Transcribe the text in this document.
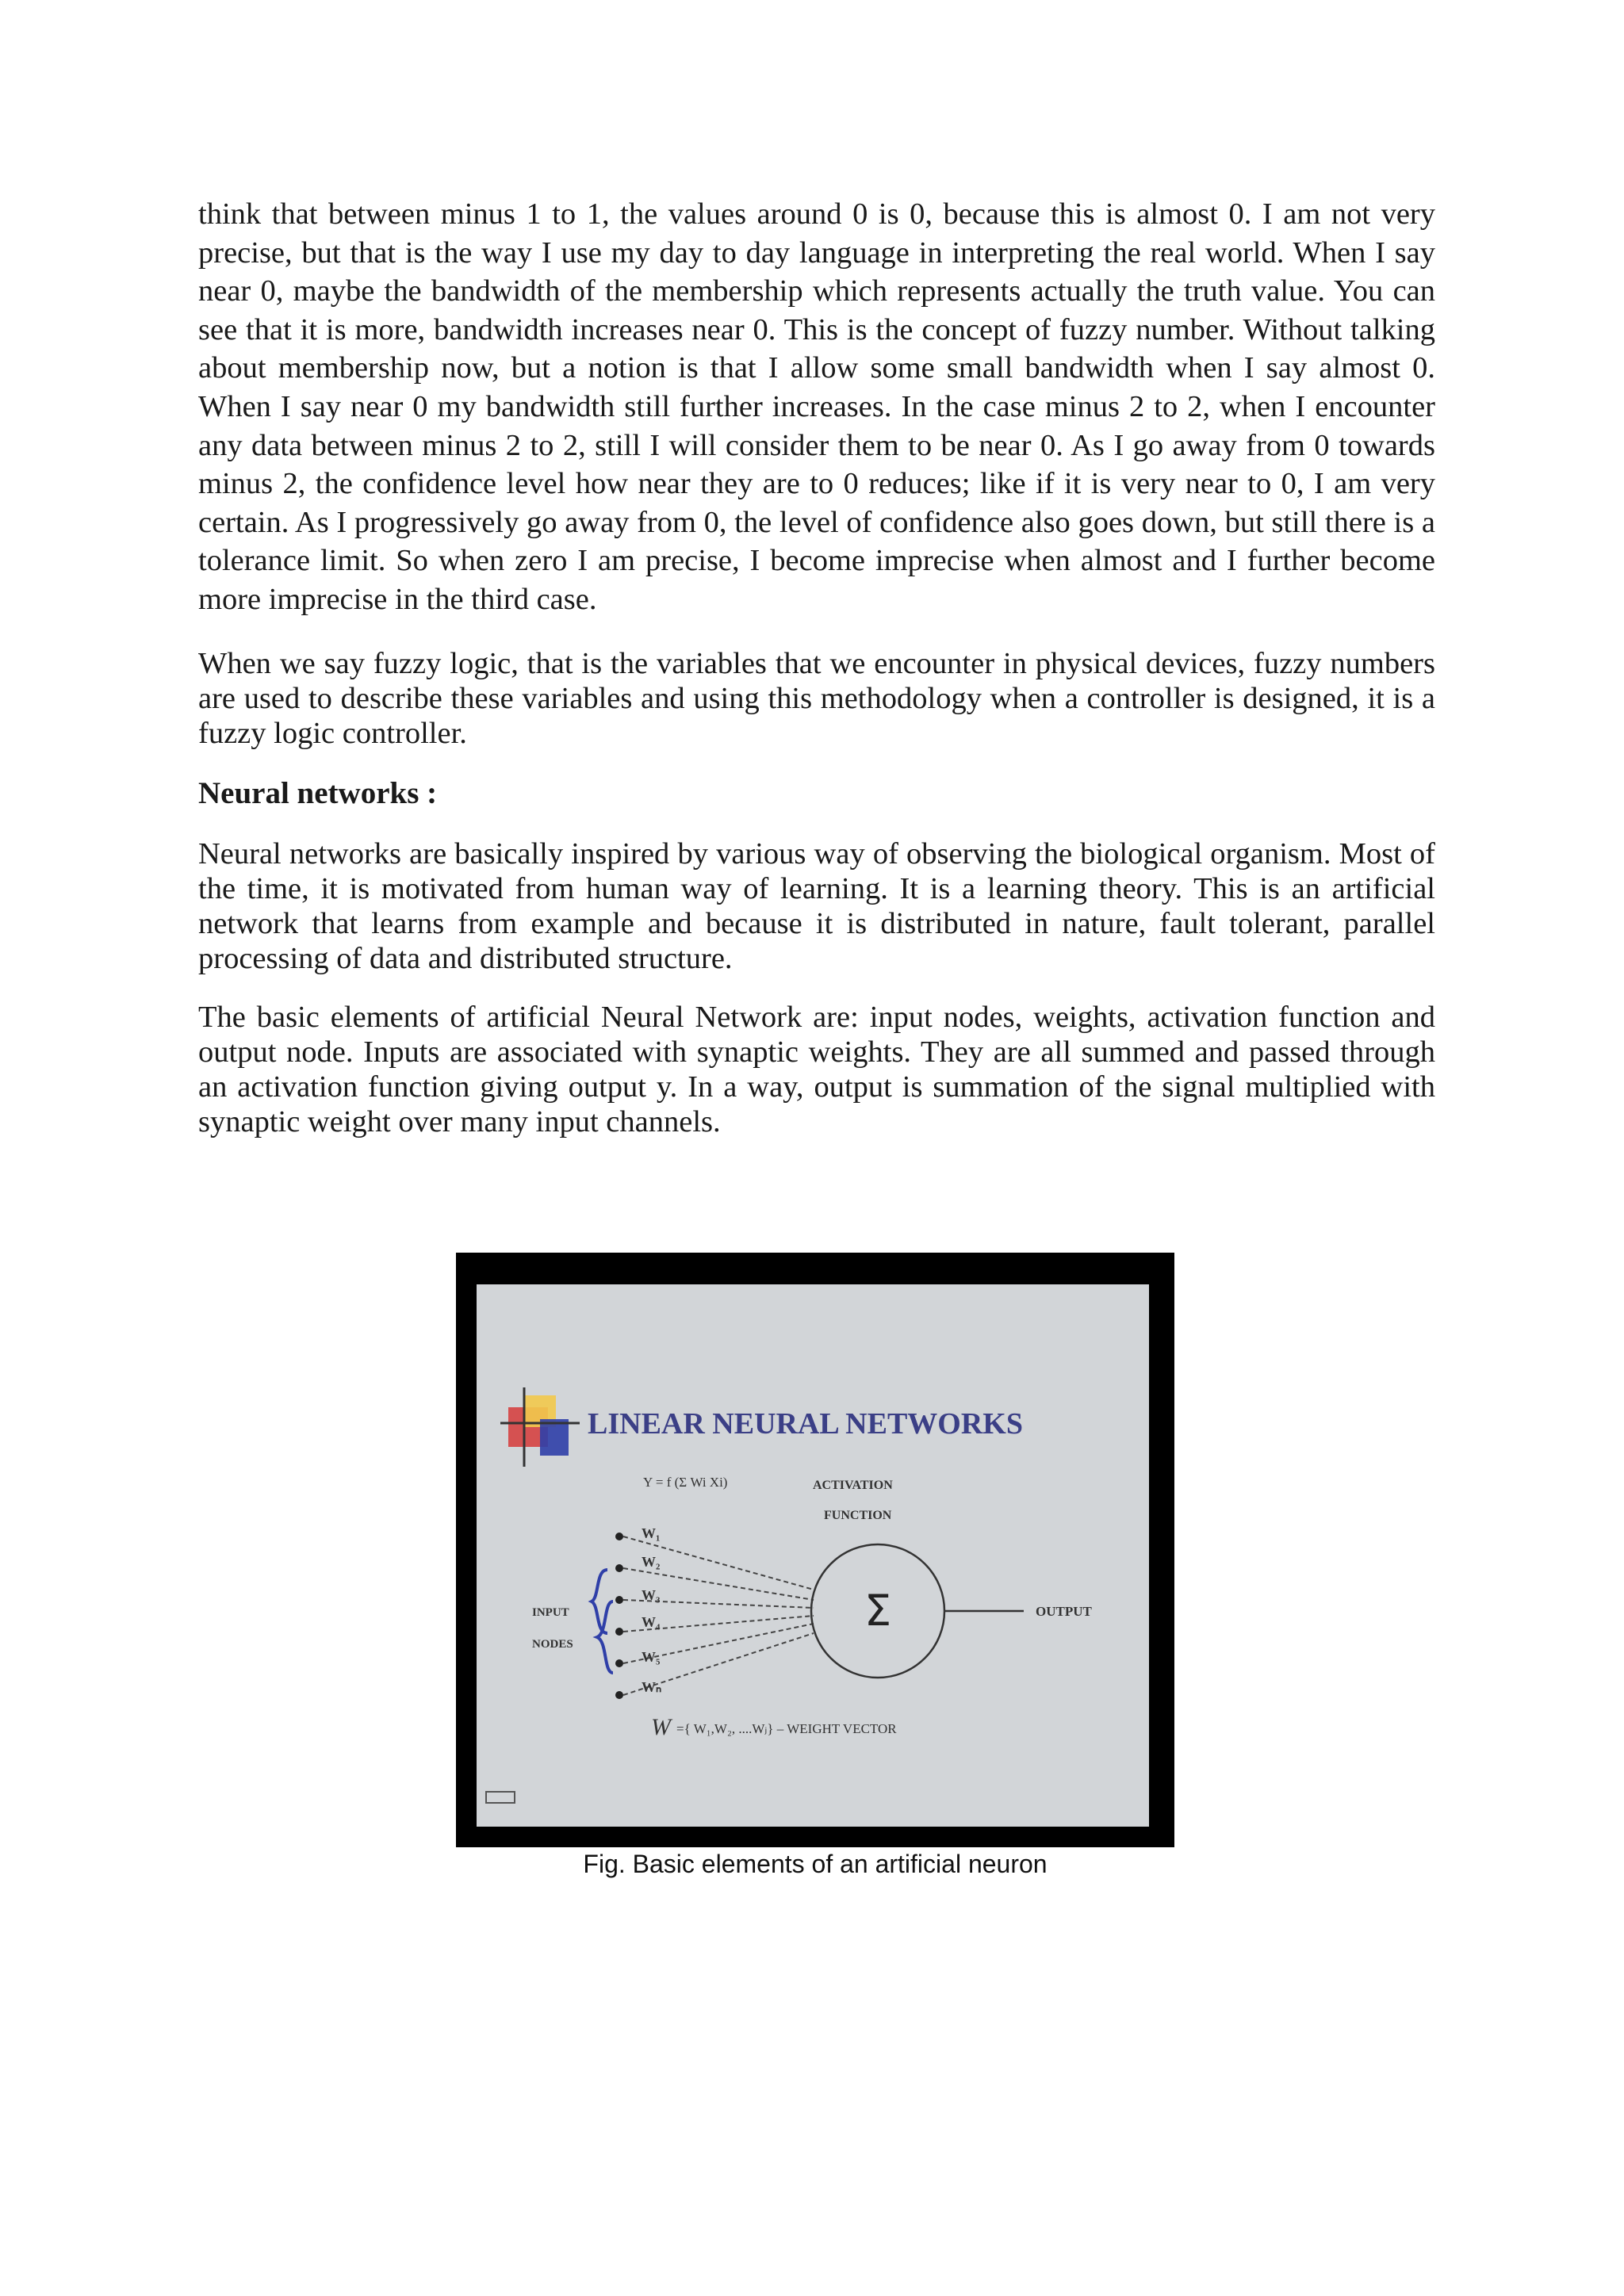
think that between minus 1 to 1, the values around 0 is 0, because this is almost 0. I am not very precise, but that is the way I use my day to day language in interpreting the real world. When I say near 0, maybe the bandwidth of the membership which represents actually the truth value. You can see that it is more, bandwidth increases near 0. This is the concept of fuzzy number. Without talking about membership now, but a notion is that I allow some small bandwidth when I say almost 0. When I say near 0 my bandwidth still further increases. In the case minus 2 to 2, when I encounter any data between minus 2 to 2, still I will consider them to be near 0. As I go away from 0 towards minus 2, the confidence level how near they are to 0 reduces; like if it is very near to 0, I am very certain. As I progressively go away from 0, the level of confidence also goes down, but still there is a tolerance limit. So when zero I am precise, I become imprecise when almost and I further become more imprecise in the third case.

When we say fuzzy logic, that is the variables that we encounter in physical devices, fuzzy numbers are used to describe these variables and using this methodology when a controller is designed, it is a fuzzy logic controller.

Neural networks :

Neural networks are basically inspired by various way of observing the biological organism. Most of the time, it is motivated from human way of learning. It is a learning theory. This is an artificial network that learns from example and because it is distributed in nature, fault tolerant, parallel processing of data and distributed structure.

The basic elements of artificial Neural Network are: input nodes, weights, activation function and output node. Inputs are associated with synaptic weights. They are all summed and passed through an activation function giving output y. In a way, output is summation of the signal multiplied with synaptic weight over many input channels.

LINEAR NEURAL NETWORKS
Y = f (Σ Wi Xi)	ACTIVATION
FUNCTION
W₁
W₂
W₃
W₄
W₅
Wₙ
INPUT
NODES
Σ	OUTPUT
W ={ W₁,W₂, ....Wⱼ} – WEIGHT VECTOR
Fig. Basic elements of an artificial neuron
